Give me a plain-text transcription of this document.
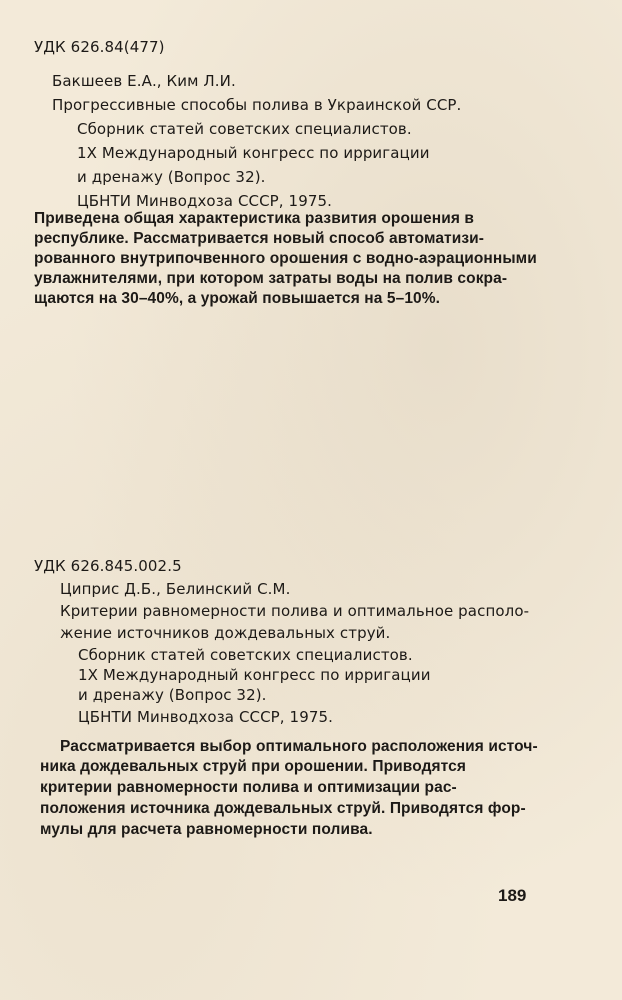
УДК 626.84(477)
Бакшеев Е.А., Ким Л.И.
Прогрессивные способы полива в Украинской ССР.
Сборник статей советских специалистов.
1Х Международный конгресс по ирригации
и дренажу (Вопрос 32).
ЦБНТИ Минводхоза СССР, 1975.
Приведена общая характеристика развития орошения в
республике. Рассматривается новый способ автоматизи-
рованного внутрипочвенного орошения с водно-аэрационными
увлажнителями, при котором затраты воды на полив сокра-
щаются на 30–40%, а урожай повышается на 5–10%.
УДК 626.845.002.5
Циприс Д.Б., Белинский С.М.
Критерии равномерности полива и оптимальное располо-
жение источников дождевальных струй.
Сборник статей советских специалистов.
1Х Международный конгресс по ирригации
и дренажу (Вопрос 32).
ЦБНТИ Минводхоза СССР, 1975.
Рассматривается выбор оптимального расположения источ-
ника дождевальных струй при орошении. Приводятся
критерии равномерности полива и оптимизации рас-
положения источника дождевальных струй. Приводятся фор-
мулы для расчета равномерности полива.
189
